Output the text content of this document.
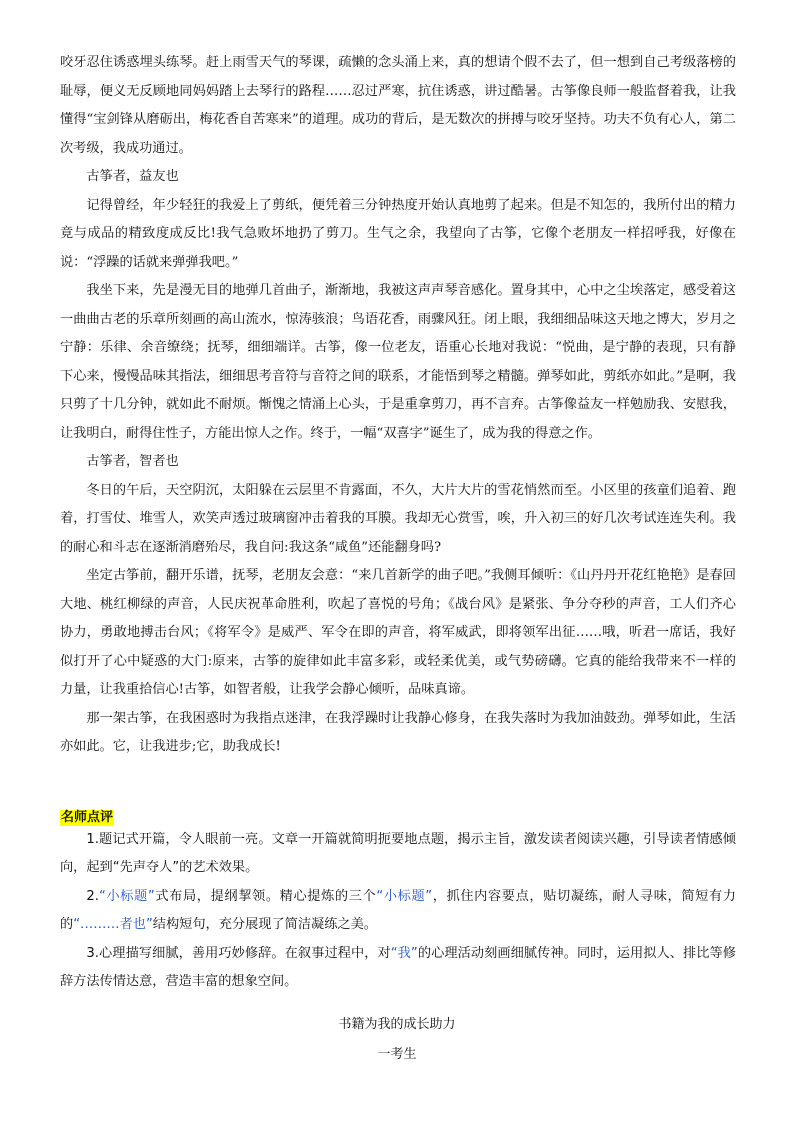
咬牙忍住诱惑埋头练琴。赶上雨雪天气的琴课，疏懒的念头涌上来，真的想请个假不去了，但一想到自己考级落榜的耻辱，便义无反顾地同妈妈踏上去琴行的路程……忍过严寒，抗住诱惑，讲过酷暑。古筝像良师一般监督着我，让我懂得“宝剑锋从磨砺出，梅花香自苦寒来”的道理。成功的背后，是无数次的拼搏与咬牙坚持。功夫不负有心人，第二次考级，我成功通过。

古筝者，益友也

记得曾经，年少轻狂的我爱上了剪纸，便凭着三分钟热度开始认真地剪了起来。但是不知怎的，我所付出的精力竟与成品的精致度成反比!我气急败坏地扔了剪刀。生气之余，我望向了古筝，它像个老朋友一样招呼我，好像在说：“浮躁的话就来弹弹我吧。”

我坐下来，先是漫无目的地弹几首曲子，渐渐地，我被这声声琴音感化。置身其中，心中之尘埃落定，感受着这一曲曲古老的乐章所刻画的高山流水，惊涛骇浪；鸟语花香，雨骤风狂。闭上眼，我细细品味这天地之博大，岁月之宁静：乐律、余音缭绕；抚琴，细细端详。古筝，像一位老友，语重心长地对我说：“悦曲，是宁静的表现，只有静下心来，慢慢品味其指法，细细思考音符与音符之间的联系，才能悟到琴之精髓。弹琴如此，剪纸亦如此。”是啊，我只剪了十几分钟，就如此不耐烦。惭愧之情涌上心头，于是重拿剪刀，再不言弃。古筝像益友一样勉励我、安慰我，让我明白，耐得住性子，方能出惊人之作。终于，一幅“双喜字”诞生了，成为我的得意之作。

古筝者，智者也

冬日的午后，天空阴沉，太阳躲在云层里不肯露面，不久，大片大片的雪花悄然而至。小区里的孩童们追着、跑着，打雪仗、堆雪人，欢笑声透过玻璃窗冲击着我的耳膜。我却无心赏雪，唉，升入初三的好几次考试连连失利。我的耐心和斗志在逐渐消磨殆尽，我自问:我这条“咸鱼”还能翻身吗?

坐定古筝前，翻开乐谱，抚琴，老朋友会意：“来几首新学的曲子吧。”我侧耳倾听：《山丹丹开花红艳艳》是春回大地、桃红柳绿的声音，人民庆祝革命胜利，吹起了喜悦的号角；《战台风》是紧张、争分夺秒的声音，工人们齐心协力，勇敢地搏击台风；《将军令》是威严、军令在即的声音，将军威武，即将领军出征……哦，听君一席话，我好似打开了心中疑惑的大门:原来，古筝的旋律如此丰富多彩，或轻柔优美，或气势磅礴。它真的能给我带来不一样的力量，让我重拾信心!古筝，如智者般，让我学会静心倾听，品味真谛。

那一架古筝，在我困惑时为我指点迷津，在我浮躁时让我静心修身，在我失落时为我加油鼓劲。弹琴如此，生活亦如此。它，让我进步;它，助我成长!

名师点评

1.题记式开篇，令人眼前一亮。文章一开篇就简明扼要地点题，揭示主旨，激发读者阅读兴趣，引导读者情感倾向，起到“先声夺人”的艺术效果。

2.“小标题”式布局，提纲挈领。精心提炼的三个“小标题”，抓住内容要点，贴切凝练，耐人寻味，简短有力的“………者也”结构短句，充分展现了简洁凝练之美。

3.心理描写细腻，善用巧妙修辞。在叙事过程中，对“我”的心理活动刻画细腻传神。同时，运用拟人、排比等修辞方法传情达意，营造丰富的想象空间。

书籍为我的成长助力
一考生
